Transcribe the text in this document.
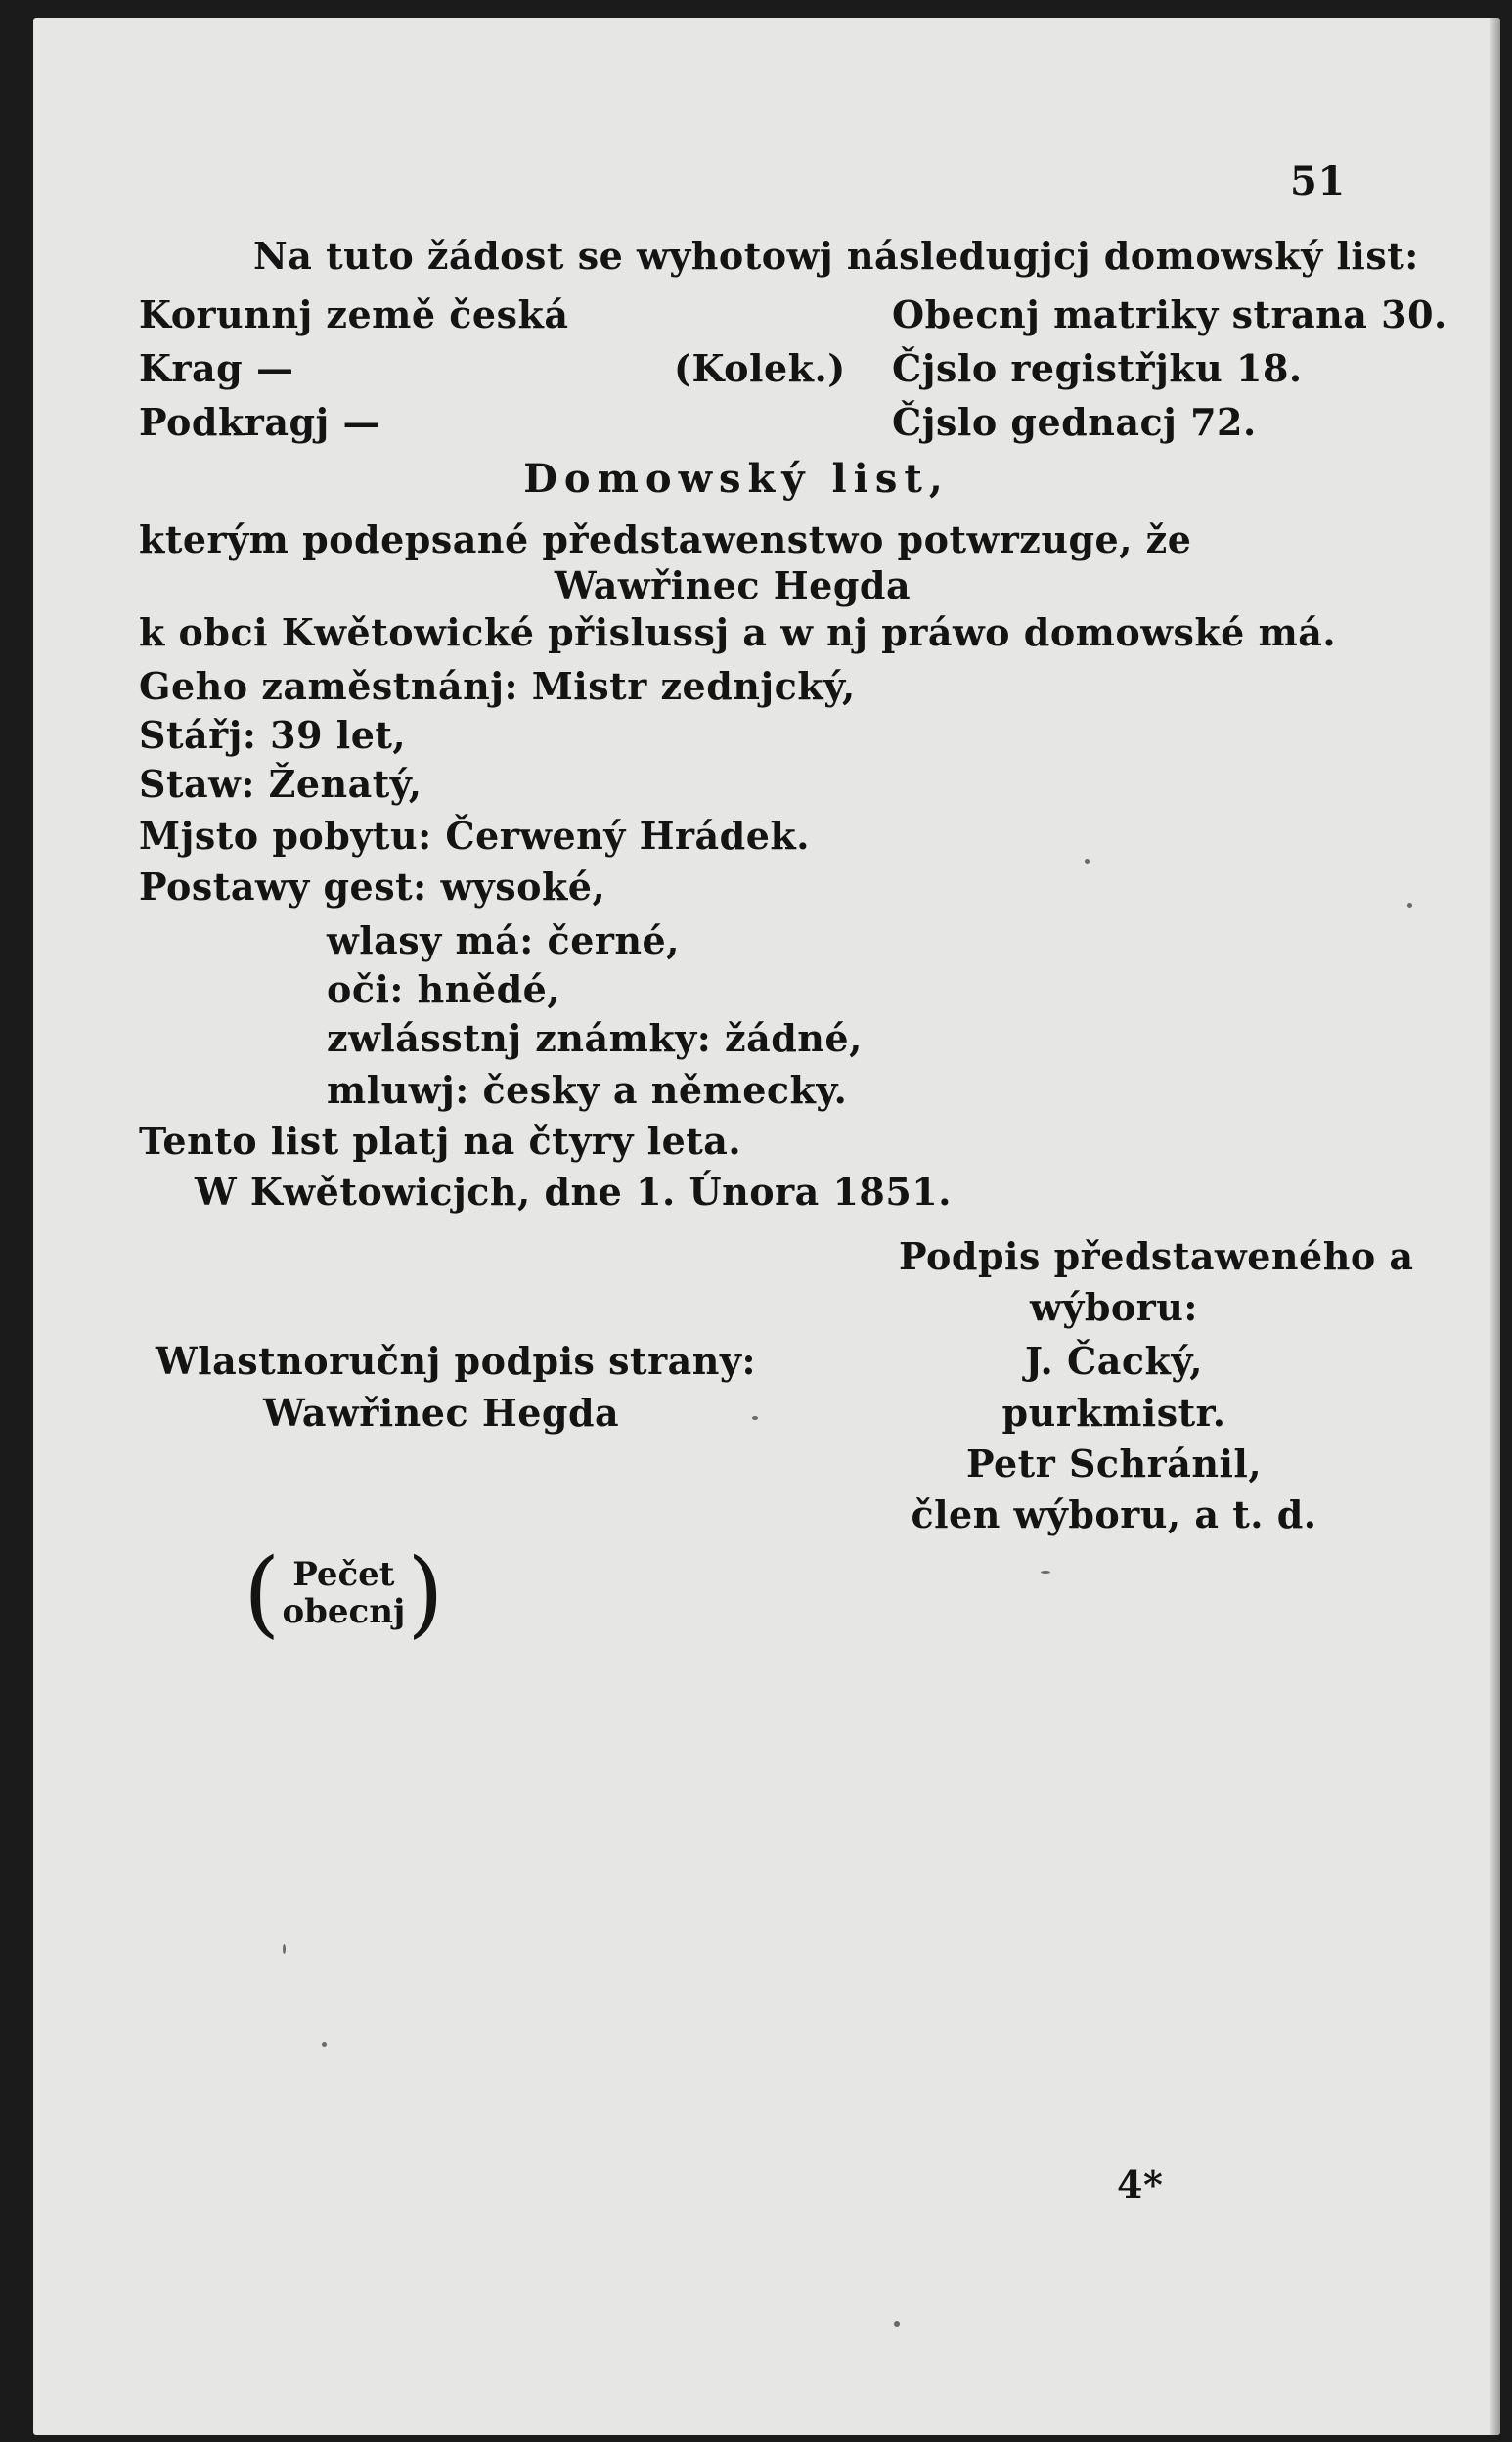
51
Na tuto žádost se wyhotowj následugjcj domowský list:
Korunnj země česká
Krag —
Podkragj —
(Kolek.)
Obecnj matriky strana 30.
Čjslo registřjku 18.
Čjslo gednacj 72.
Domowský list,
kterým podepsané předstawenstwo potwrzuge, že
Wawřinec Hegda
k obci Kwětowické přislussj a w nj práwo domowské má.
Geho zaměstnánj: Mistr zednjcký,
Stářj: 39 let,
Staw: Ženatý,
Mjsto pobytu: Čerwený Hrádek.
Postawy gest: wysoké,
wlasy má: černé,
oči: hnědé,
zwlásstnj známky: žádné,
mluwj: česky a německy.
Tento list platj na čtyry leta.
W Kwětowicjch, dne 1. Února 1851.
Podpis předstaweného a
wýboru:
J. Čacký,
purkmistr.
Petr Schránil,
člen wýboru, a t. d.
Wlastnoručnj podpis strany:
Wawřinec Hegda
( Pečet
obecnj )
4*
